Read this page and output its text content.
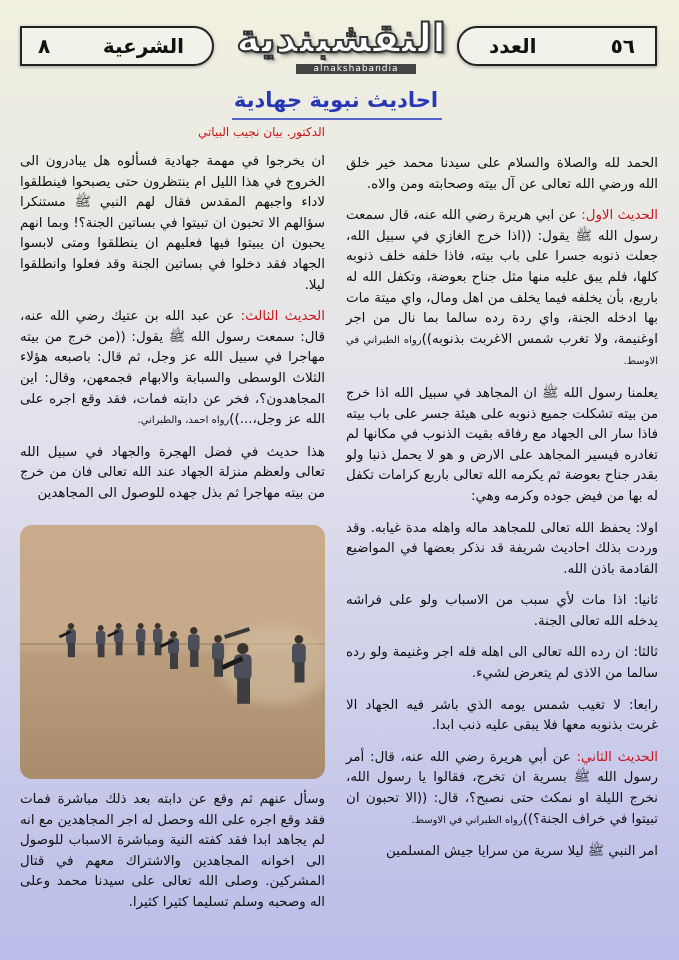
العدد	٥٦
٨	الشرعية النقشبندية
alnakshabandia
احاديث نبوية جهادية
الدكتور. بيان نجيب البياتي

الحمد لله والصلاة والسلام على سيدنا محمد خير خلق الله ورضي الله تعالى عن آل بيته وصحابته ومن والاه.

الحديث الاول: عن ابي هريرة رضي الله عنه، قال سمعت رسول الله ﷺ يقول: ((اذا خرج الغازي في سبيل الله، جعلت ذنوبه جسرا على باب بيته، فاذا خلفه خلف ذنوبه كلها، فلم يبق عليه منها مثل جناح بعوضة، وتكفل الله له باربع، بأن يخلفه فيما يخلف من اهل ومال، واي ميتة مات بها ادخله الجنة، واي ردة رده سالما بما نال من اجر اوغنيمة، ولا تغرب شمس الاغربت بذنوبه))رواه الطبراني في الاوسط.

يعلمنا رسول الله ﷺ ان المجاهد في سبيل الله اذا خرج من بيته تشكلت جميع ذنوبه على هيئة جسر على باب بيته فاذا سار الى الجهاد مع رفاقه بقيت الذنوب في مكانها لم تغادره فيسير المجاهد على الارض و هو لا يحمل ذنبا ولو بقدر جناح بعوضة ثم يكرمه الله تعالى باربع كرامات تكفل له بها من فيض جوده وكرمه وهي:

اولا: يحفظ الله تعالى للمجاهد ماله واهله مدة غيابه. وقد وردت بذلك احاديث شريفة قد نذكر بعضها في المواضيع القادمة باذن الله.

ثانيا: اذا مات لأي سبب من الاسباب ولو على فراشه يدخله الله تعالى الجنة.

ثالثا: ان رده الله تعالى الى اهله فله اجر وغنيمة ولو رده سالما من الاذى لم يتعرض لشيء.

رابعا: لا تغيب شمس يومه الذي باشر فيه الجهاد الا غربت بذنوبه معها فلا يبقى عليه ذنب ابدا.

الحديث الثاني: عن أبي هريرة رضي الله عنه، قال: أمر رسول الله ﷺ بسرية ان تخرج، فقالوا يا رسول الله، نخرج الليلة او نمكث حتى نصبح؟، قال: ((الا تحبون ان تبيتوا في خراف الجنة؟))رواه الطبراني في الاوسط.

امر النبي ﷺ ليلا سرية من سرايا جيش المسلمين

ان يخرجوا في مهمة جهادية فسألوه هل يبادرون الى الخروج في هذا الليل ام ينتظرون حتى يصبحوا فينطلقوا لاداء واجبهم المقدس فقال لهم النبي ﷺ مستنكرا سؤالهم الا تحبون ان تبيتوا في بساتين الجنة؟! وبما انهم يحبون ان يبيتوا فيها فعليهم ان ينطلقوا ومتى لابسوا الجهاد فقد دخلوا في بساتين الجنة وقد فعلوا وانطلقوا ليلا.

الحديث الثالث: عن عبد الله بن عتيك رضي الله عنه، قال: سمعت رسول الله ﷺ يقول: ((من خرج من بيته مهاجرا في سبيل الله عز وجل، ثم قال: باصبعه هؤلاء الثلاث الوسطى والسبابة والابهام فجمعهن، وقال: اين المجاهدون؟، فخر عن دابته فمات، فقد وقع اجره على الله عز وجل،...))رواه احمد، والطبراني.

هذا حديث في فضل الهجرة والجهاد في سبيل الله تعالى ولعظم منزلة الجهاد عند الله تعالى فان من خرج من بيته مهاجرا ثم بذل جهده للوصول الى المجاهدين

وسأل عنهم ثم وقع عن دابته بعد ذلك مباشرة فمات فقد وقع اجره على الله وحصل له اجر المجاهدين مع انه لم يجاهد ابدا فقد كفته النية ومباشرة الاسباب للوصول الى اخوانه المجاهدين والاشتراك معهم في قتال المشركين. وصلى الله تعالى على سيدنا محمد وعلى اله وصحبه وسلم تسليما كثيرا كثيرا.
